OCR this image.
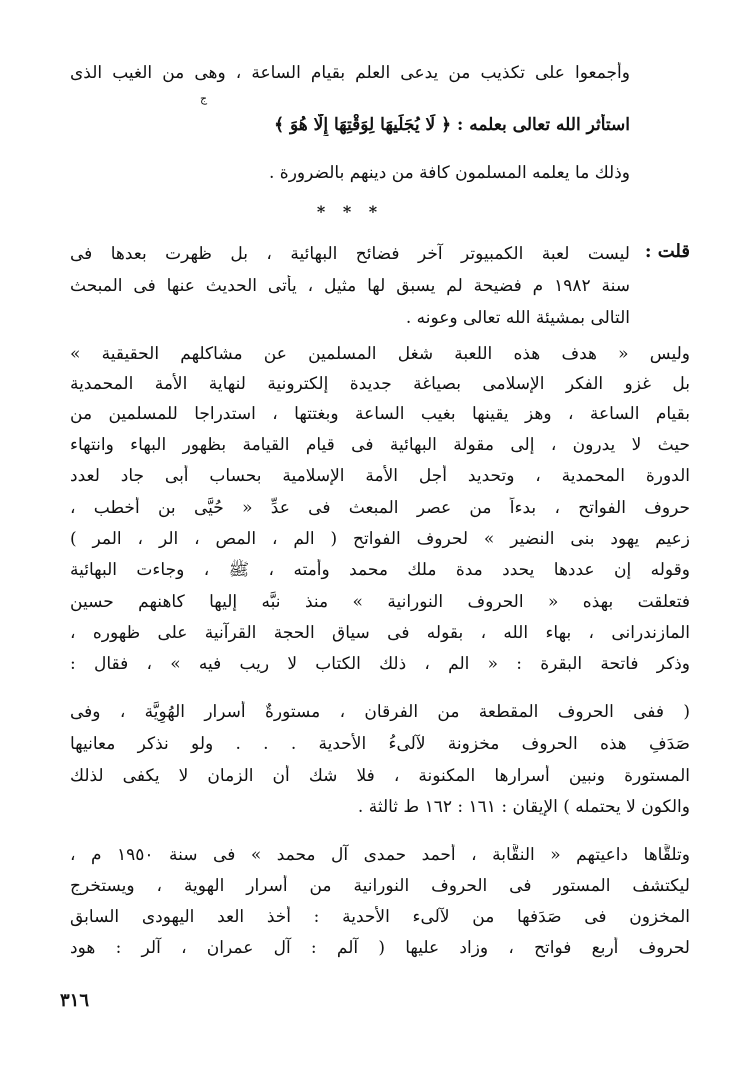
وأجمعوا على تكذيب من يدعى العلم بقيام الساعة ، وهى من الغيب الذى
استأثر الله تعالى بعلمه : ﴿ لَا يُجَلِّيهَا لِوَقْتِهَا إِلَّا هُوَ ﴾
ج
وذلك ما يعلمه المسلمون كافة من دينهم بالضرورة .
* * *
قلت :
ليست لعبة الكمبيوتر آخر فضائح البهائية ، بل ظهرت بعدها فى
سنة ١٩٨٢ م فضيحة لم يسبق لها مثيل ، يأتى الحديث عنها فى المبحث
التالى بمشيئة الله تعالى وعونه .
وليس « هدف هذه اللعبة شغل المسلمين عن مشاكلهم الحقيقية »
بل غزو الفكر الإسلامى بصياغة جديدة إلكترونية لنهاية الأمة المحمدية
بقيام الساعة ، وهز يقينها بغيب الساعة وبغتتها ، استدراجا للمسلمين من
حيث لا يدرون ، إلى مقولة البهائية فى قيام القيامة بظهور البهاء وانتهاء
الدورة المحمدية ، وتحديد أجل الأمة الإسلامية بحساب أبى جاد لعدد
حروف الفواتح ، بدءاً من عصر المبعث فى عدِّ « حُيَّى بن أخطب ،
زعيم يهود بنى النضير » لحروف الفواتح ( الم ، المص ، الر ، المر )
وقوله إن عددها يحدد مدة ملك محمد وأمته ، ﷺ ، وجاءت البهائية
فتعلقت بهذه « الحروف النورانية » منذ نبَّه إليها كاهنهم حسين
المازندرانى ، بهاء الله ، بقوله فى سياق الحجة القرآنية على ظهوره ،
وذكر فاتحة البقرة : « الم ، ذلك الكتاب لا ريب فيه » ، فقال :
( ففى الحروف المقطعة من الفرقان ، مستورةٌ أسرار الهُوِيَّة ، وفى
صَدَفِ هذه الحروف مخزونة لآلىءُ الأحدية . . . ولو نذكر معانيها
المستورة ونبين أسرارها المكنونة ، فلا شك أن الزمان لا يكفى لذلك
والكون لا يحتمله ) الإيقان : ١٦١ : ١٦٢ ط ثالثة .
وتلقَّاها داعيتهم « النقَّابة ، أحمد حمدى آل محمد » فى سنة ١٩٥٠ م ،
ليكتشف المستور فى الحروف النورانية من أسرار الهوية ، ويستخرج
المخزون فى صَدَفها من لآلىء الأحدية : أخذ العد اليهودى السابق
لحروف أربع فواتح ، وزاد عليها ( آلم : آل عمران ، آلر : هود
٣١٦
